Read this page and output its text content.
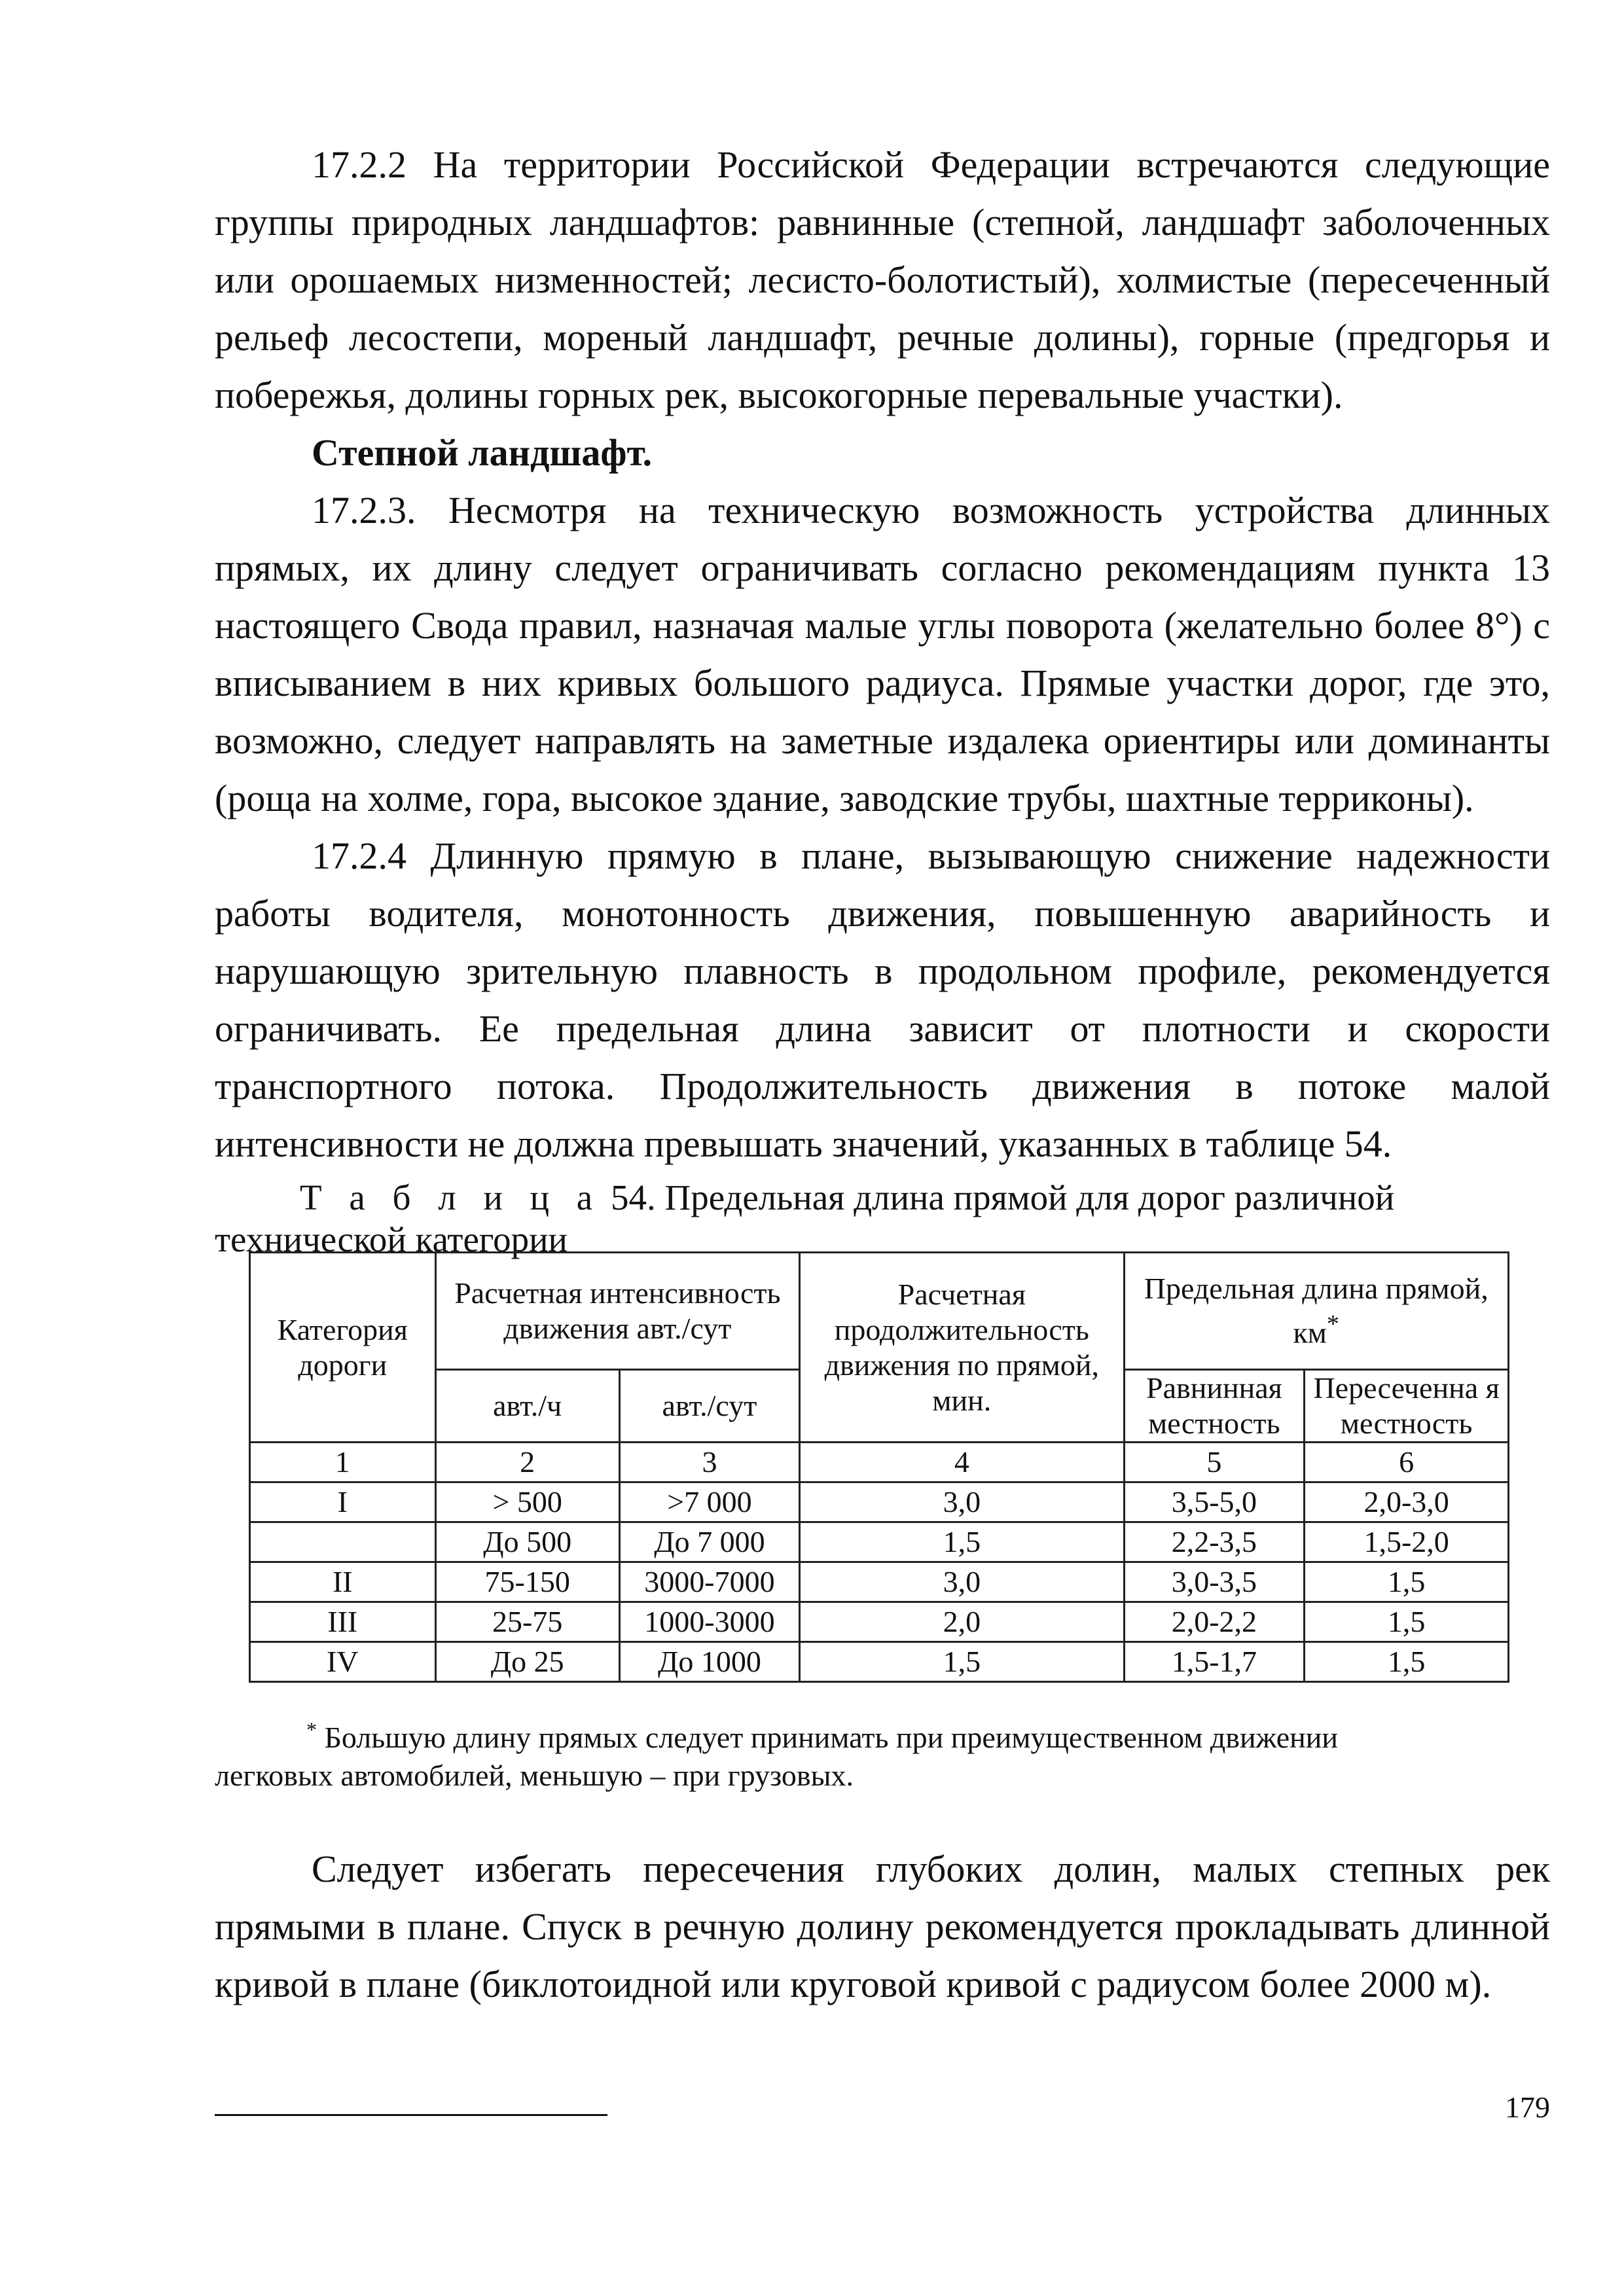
17.2.2 На территории Российской Федерации встречаются следующие группы природных ландшафтов: равнинные (степной, ландшафт заболоченных или орошаемых низменностей; лесисто-болотистый), холмистые (пересеченный рельеф лесостепи, мореный ландшафт, речные долины), горные (предгорья и побережья, долины горных рек, высокогорные перевальные участки).

Степной ландшафт.

17.2.3. Несмотря на техническую возможность устройства длинных прямых, их длину следует ограничивать согласно рекомендациям пункта 13 настоящего Свода правил, назначая малые углы поворота (желательно более 8°) с вписыванием в них кривых большого радиуса. Прямые участки дорог, где это, возможно, следует направлять на заметные издалека ориентиры или доминанты (роща на холме, гора, высокое здание, заводские трубы, шахтные терриконы).

17.2.4 Длинную прямую в плане, вызывающую снижение надежности работы водителя, монотонность движения, повышенную аварийность и нарушающую зрительную плавность в продольном профиле, рекомендуется ограничивать. Ее предельная длина зависит от плотности и скорости транспортного потока. Продолжительность движения в потоке малой интенсивности не должна превышать значений, указанных в таблице 54.

Т а б л и ц а 54. Предельная длина прямой для дорог различной
технической категории
Категория дороги	Расчетная интенсивность движения авт./сут		Расчетная продолжительность движения по прямой, мин.	Предельная длина прямой, км*
	авт./ч	авт./сут		Равнинная местность	Пересеченна я местность
1	2	3	4	5	6
I	> 500	>7 000	3,0	3,5-5,0	2,0-3,0
	До 500	До 7 000	1,5	2,2-3,5	1,5-2,0
II	75-150	3000-7000	3,0	3,0-3,5	1,5
III	25-75	1000-3000	2,0	2,0-2,2	1,5
IV	До 25	До 1000	1,5	1,5-1,7	1,5
* Большую длину прямых следует принимать при преимущественном движении
легковых автомобилей, меньшую – при грузовых.

Следует избегать пересечения глубоких долин, малых степных рек прямыми в плане. Спуск в речную долину рекомендуется прокладывать длинной кривой в плане (биклотоидной или круговой кривой с радиусом более 2000 м).

179
